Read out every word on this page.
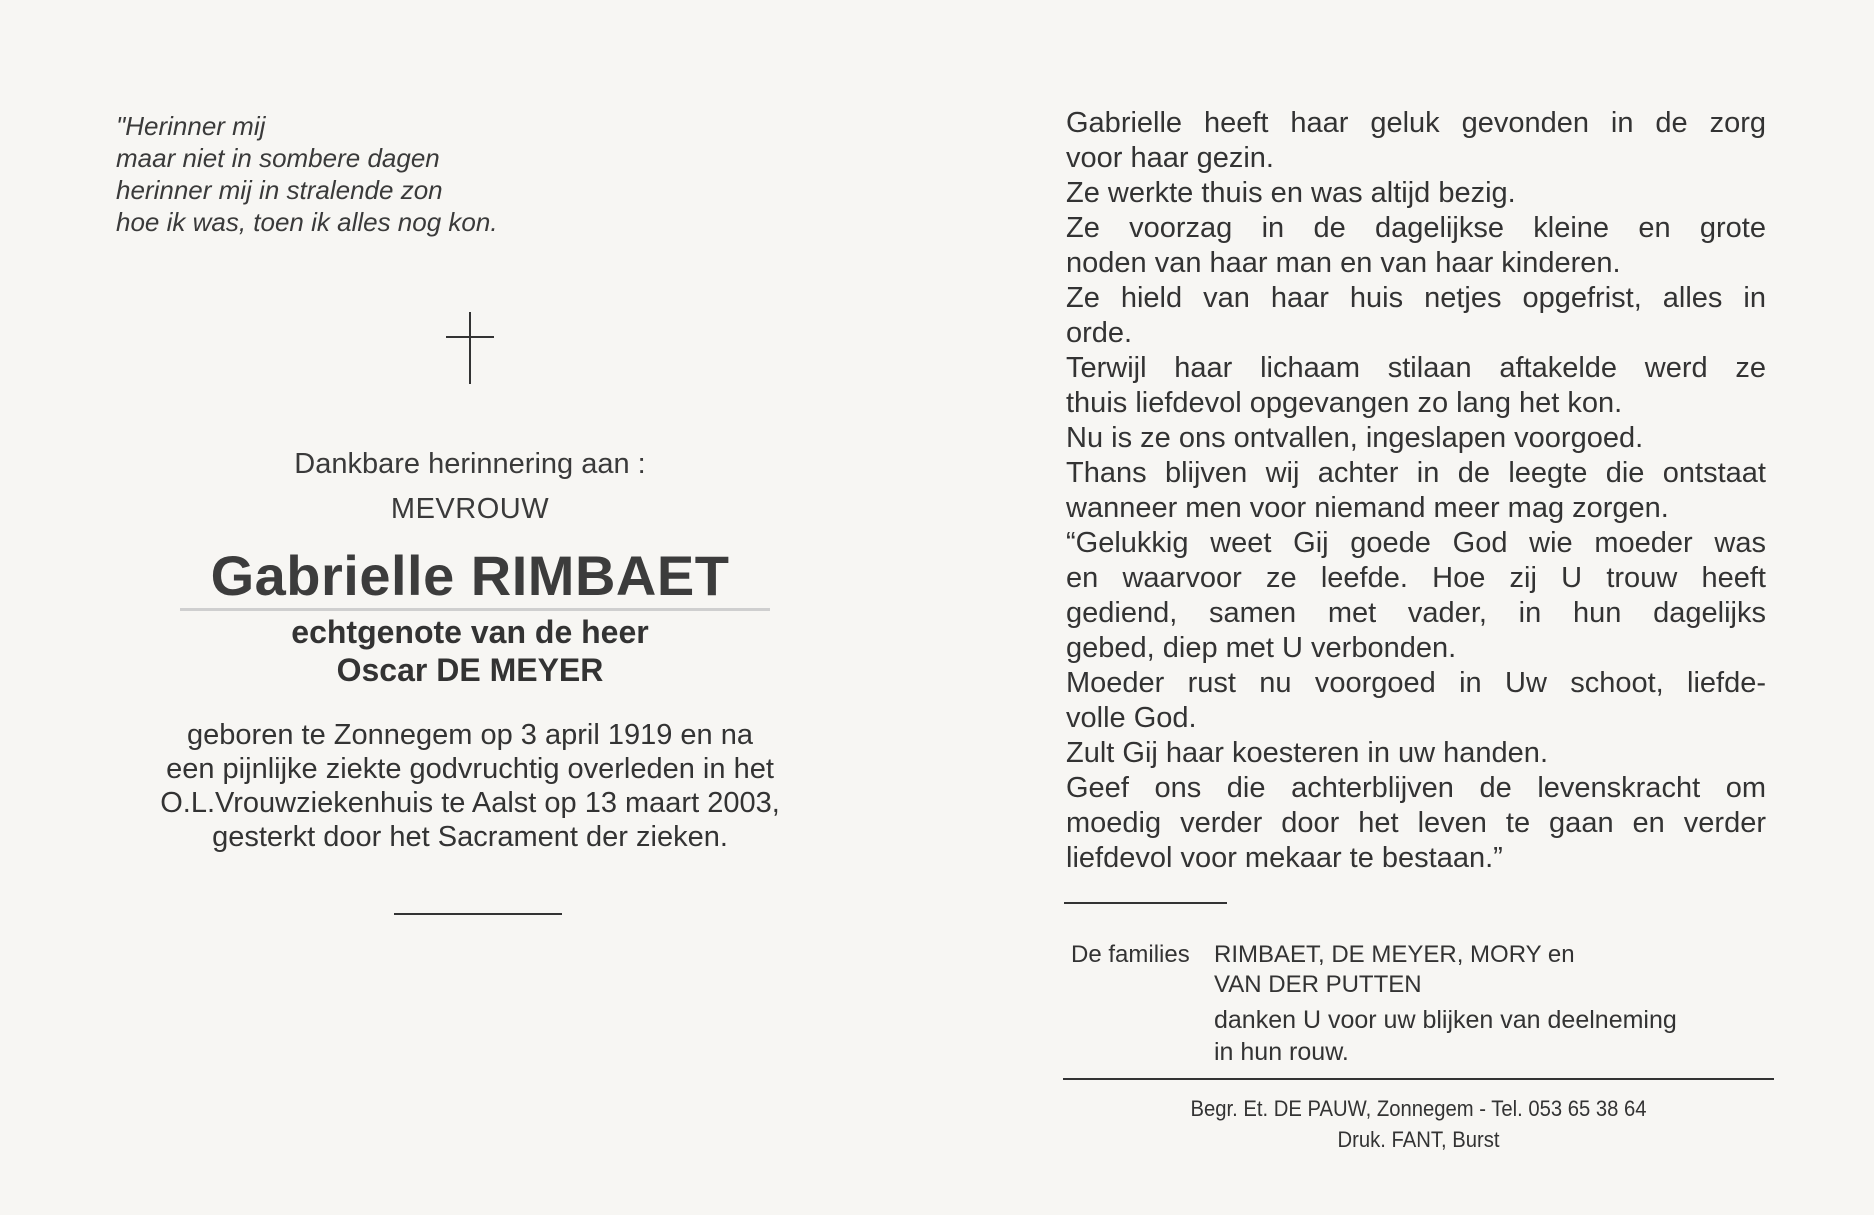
"Herinner mij
maar niet in sombere dagen
herinner mij in stralende zon
hoe ik was, toen ik alles nog kon.
Dankbare herinnering aan :
MEVROUW
Gabrielle RIMBAET
echtgenote van de heer
Oscar DE MEYER
geboren te Zonnegem op 3 april 1919 en na
een pijnlijke ziekte godvruchtig overleden in het
O.L.Vrouwziekenhuis te Aalst op 13 maart 2003,
gesterkt door het Sacrament der zieken.
Gabrielle heeft haar geluk gevonden in de zorg
voor haar gezin.
Ze werkte thuis en was altijd bezig.
Ze voorzag in de dagelijkse kleine en grote
noden van haar man en van haar kinderen.
Ze hield van haar huis netjes opgefrist, alles in
orde.
Terwijl haar lichaam stilaan aftakelde werd ze
thuis liefdevol opgevangen zo lang het kon.
Nu is ze ons ontvallen, ingeslapen voorgoed.
Thans blijven wij achter in de leegte die ontstaat
wanneer men voor niemand meer mag zorgen.
“Gelukkig weet Gij goede God wie moeder was
en waarvoor ze leefde. Hoe zij U trouw heeft
gediend, samen met vader, in hun dagelijks
gebed, diep met U verbonden.
Moeder rust nu voorgoed in Uw schoot, liefde-
volle God.
Zult Gij haar koesteren in uw handen.
Geef ons die achterblijven de levenskracht om
moedig verder door het leven te gaan en verder
liefdevol voor mekaar te bestaan.”
De families RIMBAET, DE MEYER, MORY en
VAN DER PUTTEN
danken U voor uw blijken van deelneming
in hun rouw.
Begr. Et. DE PAUW, Zonnegem - Tel. 053 65 38 64
Druk. FANT, Burst
